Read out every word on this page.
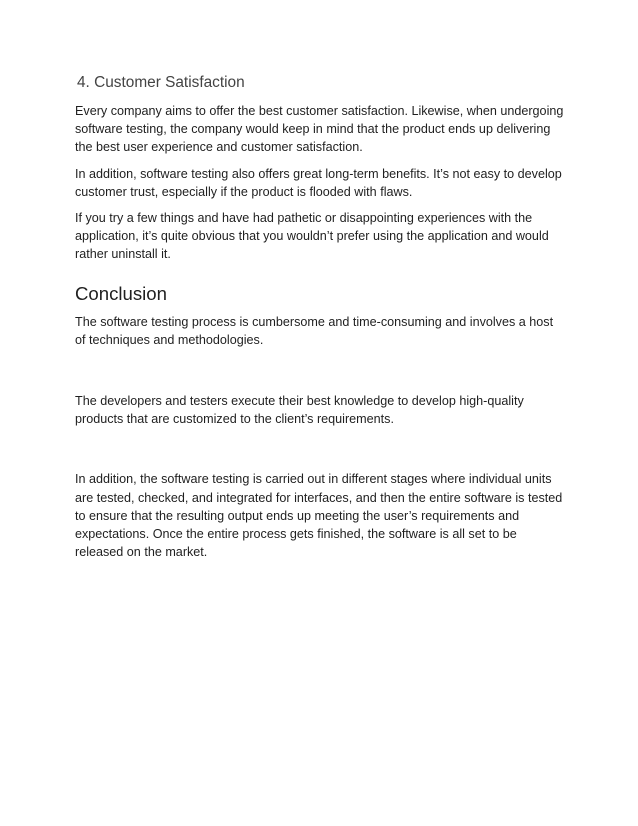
4. Customer Satisfaction

Every company aims to offer the best customer satisfaction. Likewise, when undergoing software testing, the company would keep in mind that the product ends up delivering the best user experience and customer satisfaction.

In addition, software testing also offers great long-term benefits. It’s not easy to develop customer trust, especially if the product is flooded with flaws.

If you try a few things and have had pathetic or disappointing experiences with the application, it’s quite obvious that you wouldn’t prefer using the application and would rather uninstall it.

Conclusion

The software testing process is cumbersome and time-consuming and involves a host of techniques and methodologies.

The developers and testers execute their best knowledge to develop high-quality products that are customized to the client’s requirements.

In addition, the software testing is carried out in different stages where individual units are tested, checked, and integrated for interfaces, and then the entire software is tested to ensure that the resulting output ends up meeting the user’s requirements and expectations. Once the entire process gets finished, the software is all set to be released on the market.
